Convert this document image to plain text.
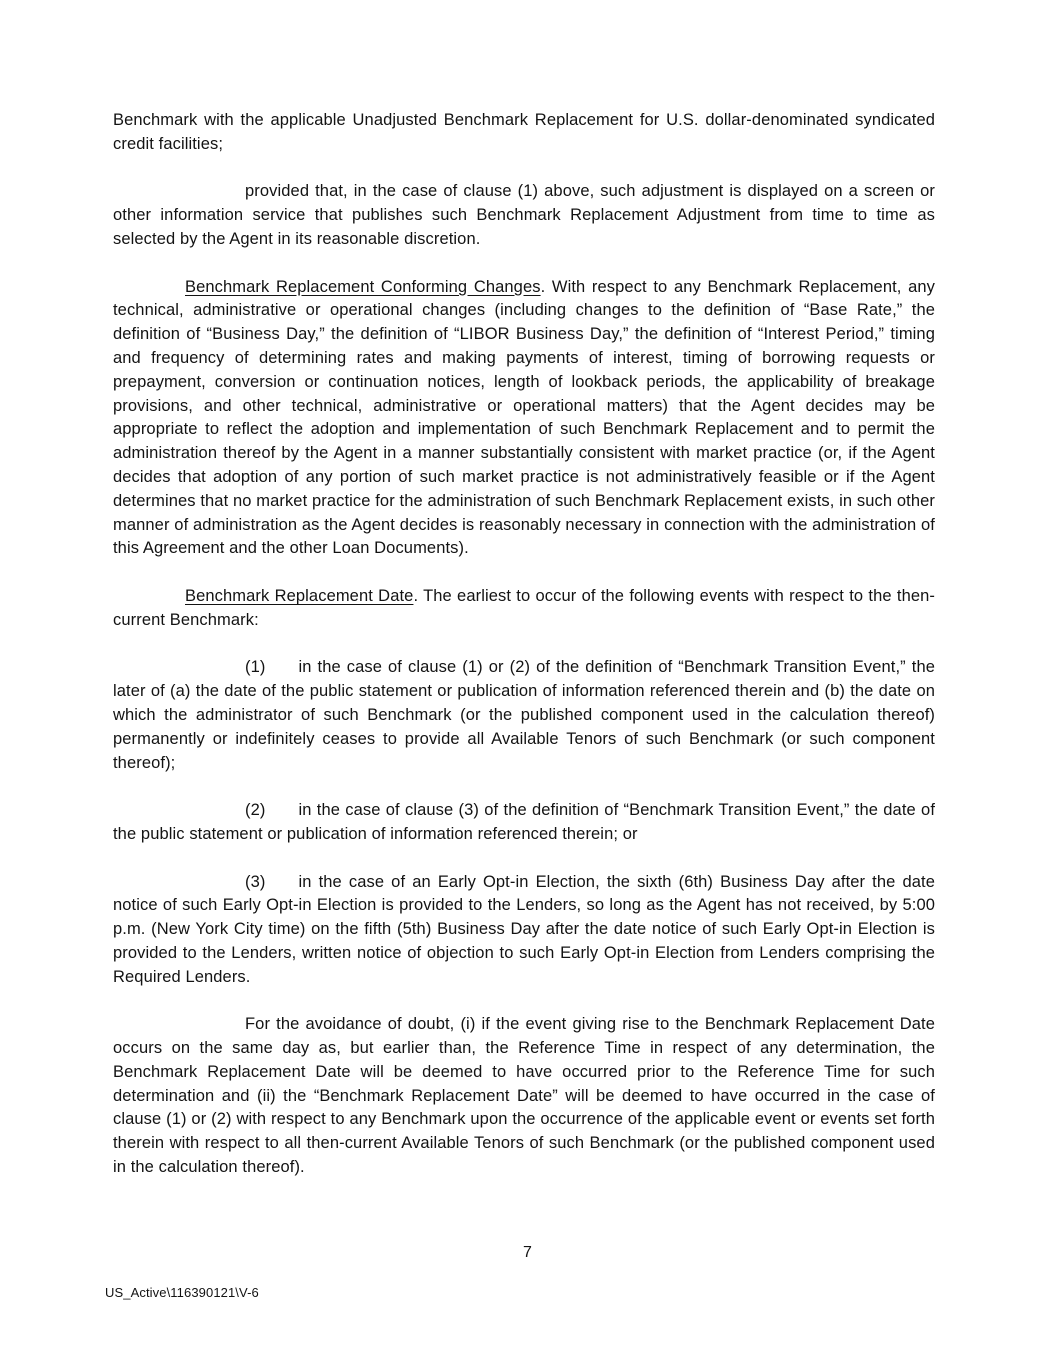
Benchmark with the applicable Unadjusted Benchmark Replacement for U.S. dollar-denominated syndicated credit facilities;

provided that, in the case of clause (1) above, such adjustment is displayed on a screen or other information service that publishes such Benchmark Replacement Adjustment from time to time as selected by the Agent in its reasonable discretion.

Benchmark Replacement Conforming Changes. With respect to any Benchmark Replacement, any technical, administrative or operational changes (including changes to the definition of “Base Rate,” the definition of “Business Day,” the definition of “LIBOR Business Day,” the definition of “Interest Period,” timing and frequency of determining rates and making payments of interest, timing of borrowing requests or prepayment, conversion or continuation notices, length of lookback periods, the applicability of breakage provisions, and other technical, administrative or operational matters) that the Agent decides may be appropriate to reflect the adoption and implementation of such Benchmark Replacement and to permit the administration thereof by the Agent in a manner substantially consistent with market practice (or, if the Agent decides that adoption of any portion of such market practice is not administratively feasible or if the Agent determines that no market practice for the administration of such Benchmark Replacement exists, in such other manner of administration as the Agent decides is reasonably necessary in connection with the administration of this Agreement and the other Loan Documents).

Benchmark Replacement Date. The earliest to occur of the following events with respect to the then-current Benchmark:

(1) in the case of clause (1) or (2) of the definition of “Benchmark Transition Event,” the later of (a) the date of the public statement or publication of information referenced therein and (b) the date on which the administrator of such Benchmark (or the published component used in the calculation thereof) permanently or indefinitely ceases to provide all Available Tenors of such Benchmark (or such component thereof);

(2) in the case of clause (3) of the definition of “Benchmark Transition Event,” the date of the public statement or publication of information referenced therein; or

(3) in the case of an Early Opt-in Election, the sixth (6th) Business Day after the date notice of such Early Opt-in Election is provided to the Lenders, so long as the Agent has not received, by 5:00 p.m. (New York City time) on the fifth (5th) Business Day after the date notice of such Early Opt-in Election is provided to the Lenders, written notice of objection to such Early Opt-in Election from Lenders comprising the Required Lenders.

For the avoidance of doubt, (i) if the event giving rise to the Benchmark Replacement Date occurs on the same day as, but earlier than, the Reference Time in respect of any determination, the Benchmark Replacement Date will be deemed to have occurred prior to the Reference Time for such determination and (ii) the “Benchmark Replacement Date” will be deemed to have occurred in the case of clause (1) or (2) with respect to any Benchmark upon the occurrence of the applicable event or events set forth therein with respect to all then-current Available Tenors of such Benchmark (or the published component used in the calculation thereof).

7
US_Active\116390121\V-6
